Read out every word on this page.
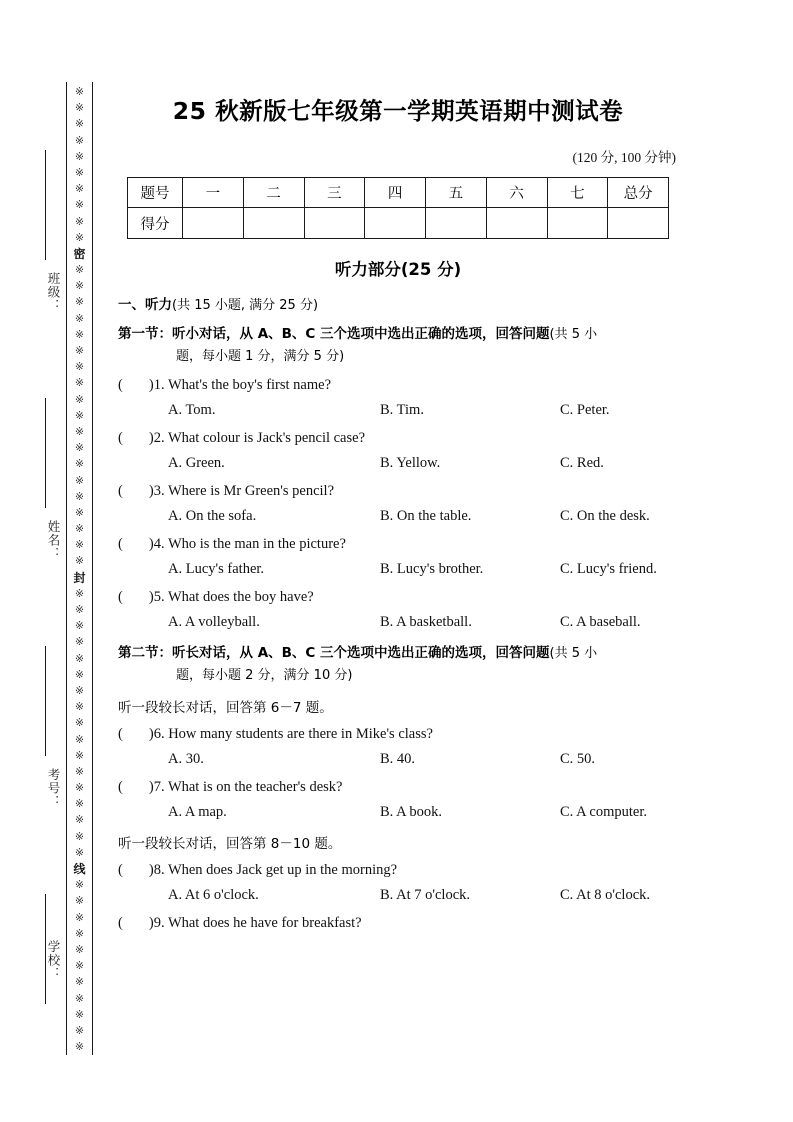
※
※
※
※
※
※
※
※
※
※
密
※
※
※
※
※
※
※
※
※
※
※
※
※
※
※
※
※
※
※
封
※
※
※
※
※
※
※
※
※
※
※
※
※
※
※
※
※
线
※
※
※
※
※
※
※
※
※
※
※
班级：
姓名：
考号：
学校：
25 秋新版七年级第一学期英语期中测试卷
(120 分, 100 分钟)
题号	一	二	三	四	五	六	七	总分
得分								
听力部分(25 分)
一、听力(共 15 小题, 满分 25 分)
第一节：听小对话，从 A、B、C 三个选项中选出正确的选项，回答问题(共 5 小
题，每小题 1 分，满分 5 分)
( )1. What's the boy's first name?
A. Tom.	B. Tim.	C. Peter.
( )2. What colour is Jack's pencil case?
A. Green.	B. Yellow.	C. Red.
( )3. Where is Mr Green's pencil?
A. On the sofa.	B. On the table.	C. On the desk.
( )4. Who is the man in the picture?
A. Lucy's father.	B. Lucy's brother.	C. Lucy's friend.
( )5. What does the boy have?
A. A volleyball.	B. A basketball.	C. A baseball.
第二节：听长对话，从 A、B、C 三个选项中选出正确的选项，回答问题(共 5 小
题，每小题 2 分，满分 10 分)
听一段较长对话，回答第 6－7 题。
( )6. How many students are there in Mike's class?
A. 30.	B. 40.	C. 50.
( )7. What is on the teacher's desk?
A. A map.	B. A book.	C. A computer.
听一段较长对话，回答第 8－10 题。
( )8. When does Jack get up in the morning?
A. At 6 o'clock.	B. At 7 o'clock.	C. At 8 o'clock.
( )9. What does he have for breakfast?
